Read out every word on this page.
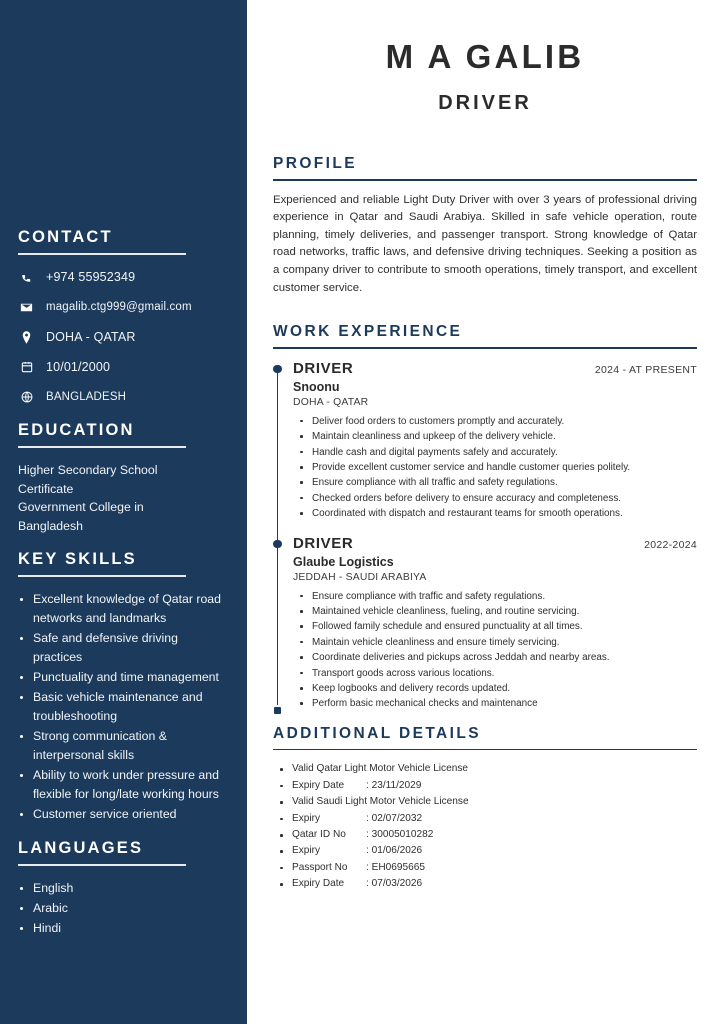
CONTACT
+974 55952349
magalib.ctg999@gmail.com
DOHA - QATAR
10/01/2000
BANGLADESH
EDUCATION
Higher Secondary School
Certificate
Government College in
Bangladesh
KEY SKILLS
Excellent knowledge of Qatar road networks and landmarks
Safe and defensive driving practices
Punctuality and time management
Basic vehicle maintenance and troubleshooting
Strong communication & interpersonal skills
Ability to work under pressure and flexible for long/late working hours
Customer service oriented
LANGUAGES
English
Arabic
Hindi
M A GALIB
DRIVER
PROFILE

Experienced and reliable Light Duty Driver with over 3 years of professional driving experience in Qatar and Saudi Arabiya. Skilled in safe vehicle operation, route planning, timely deliveries, and passenger transport. Strong knowledge of Qatar road networks, traffic laws, and defensive driving techniques. Seeking a position as a company driver to contribute to smooth operations, timely transport, and excellent customer service.

WORK EXPERIENCE
DRIVER	2024 - AT PRESENT
Snoonu
DOHA - QATAR
Deliver food orders to customers promptly and accurately.
Maintain cleanliness and upkeep of the delivery vehicle.
Handle cash and digital payments safely and accurately.
Provide excellent customer service and handle customer queries politely.
Ensure compliance with all traffic and safety regulations.
Checked orders before delivery to ensure accuracy and completeness.
Coordinated with dispatch and restaurant teams for smooth operations.
DRIVER	2022-2024
Glaube Logistics
JEDDAH - SAUDI ARABIYA
Ensure compliance with traffic and safety regulations.
Maintained vehicle cleanliness, fueling, and routine servicing.
Followed family schedule and ensured punctuality at all times.
Maintain vehicle cleanliness and ensure timely servicing.
Coordinate deliveries and pickups across Jeddah and nearby areas.
Transport goods across various locations.
Keep logbooks and delivery records updated.
Perform basic mechanical checks and maintenance
ADDITIONAL DETAILS
Valid Qatar Light Motor Vehicle License
Expiry Date : 23/11/2029
Valid Saudi Light Motor Vehicle License
Expiry	: 02/07/2032
Qatar ID No : 30005010282
Expiry	: 01/06/2026
Passport No : EH0695665
Expiry Date : 07/03/2026
